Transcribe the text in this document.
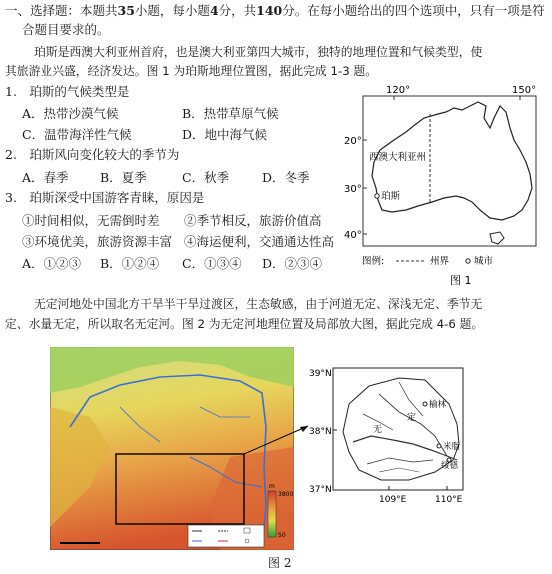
一、选择题：本题共35小题，每小题4分，共140分。在每小题给出的四个选项中，只有一项是符
合题目要求的。
珀斯是西澳大利亚州首府，也是澳大利亚第四大城市，独特的地理位置和气候类型，使
其旅游业兴盛，经济发达。图 1 为珀斯地理位置图，据此完成 1-3 题。
1.　珀斯的气候类型是
A．热带沙漠气候	B．热带草原气候
C．温带海洋性气候	D．地中海气候
2.　珀斯风向变化较大的季节为
A．春季	B．夏季	C．秋季	D．冬季
3.　珀斯深受中国游客青睐，原因是
①时间相似，无需倒时差 ②季节相反，旅游价值高
③环境优美，旅游资源丰富 ④海运便利，交通通达性高
A．①②③ B．①②④ C．①③④ D．②③④
120°	150°
20°
30°
40°
西澳大利亚州
珀斯
图例:	州界	城市
图 1
无定河地处中国北方干旱半干旱过渡区，生态敏感，由于河道无定、深浅无定、季节无
定、水量无定，所以取名无定河。图 2 为无定河地理位置及局部放大图，据此完成 4-6 题。
3800
50
m
39°N
38°N
37°N
无
定
榆林
米脂
绥德
109°E	110°E
图 2
